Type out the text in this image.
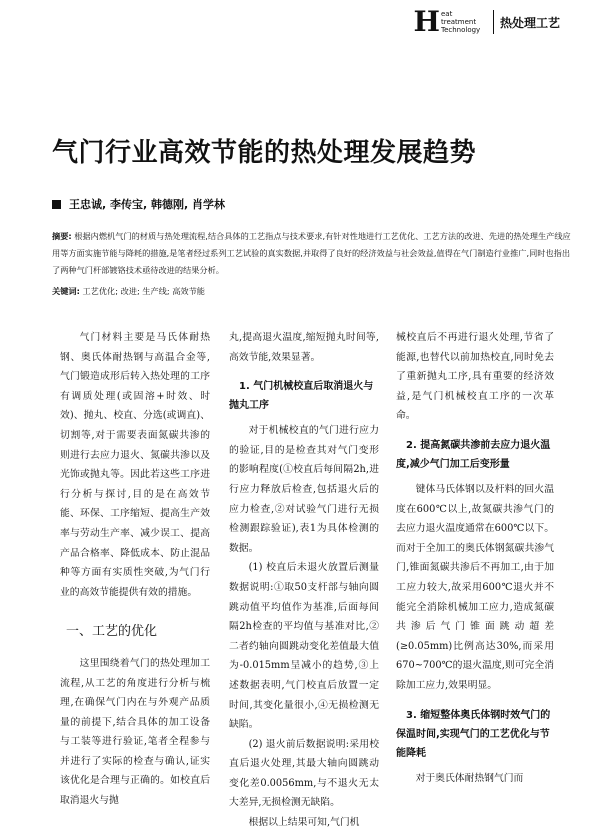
H eat treatment
Technology
热处理工艺
气门行业高效节能的热处理发展趋势
王忠诚, 李传宝, 韩德刚, 肖学林
摘要: 根据内燃机气门的材质与热处理流程,结合具体的工艺指点与技术要求,有针对性地进行工艺优化、工艺方法的改进、先进的热处理生产线应用等方面实施节能与降耗的措施,是笔者经过系列工艺试验的真实数据,并取得了良好的经济效益与社会效益,值得在气门制造行业推广,同时也指出了两种气门杆部镀铬技术亟待改进的结果分析。
关键词: 工艺优化; 改进; 生产线; 高效节能

气门材料主要是马氏体耐热钢、奥氏体耐热钢与高温合金等,气门锻造成形后转入热处理的工序有调质处理(或固溶+时效、时效)、抛丸、校直、分选(或调直)、切割等,对于需要表面氮碳共渗的则进行去应力退火、氮碳共渗以及光饰或抛丸等。因此若这些工序进行分析与探讨,目的是在高效节能、环保、工序缩短、提高生产效率与劳动生产率、减少误工、提高产品合格率、降低成本、防止混品种等方面有实质性突破,为气门行业的高效节能提供有效的措施。

一、工艺的优化

这里围绕着气门的热处理加工流程,从工艺的角度进行分析与梳理,在确保气门内在与外观产品质量的前提下,结合具体的加工设备与工装等进行验证,笔者全程参与并进行了实际的检查与确认,证实该优化是合理与正确的。如校直后取消退火与抛

丸,提高退火温度,缩短抛丸时间等,高效节能,效果显著。

1. 气门机械校直后取消退火与抛丸工序

对于机械校直的气门进行应力的验证,目的是检查其对气门变形的影响程度(①校直后每间隔2h,进行应力释放后检查,包括退火后的应力检查,②对试验气门进行无损检测跟踪验证),表1为具体检测的数据。

(1) 校直后未退火放置后测量数据说明:①取50支杆部与轴向圆跳动值平均值作为基准,后面每间隔2h检查的平均值与基准对比,②二者约轴向圆跳动变化差值最大值为-0.015mm呈减小的趋势,③上述数据表明,气门校直后放置一定时间,其变化量很小,④无损检测无缺陷。

(2) 退火前后数据说明:采用校直后退火处理,其最大轴向圆跳动变化差0.0056mm,与不退火无太大差异,无损检测无缺陷。

根据以上结果可知,气门机

械校直后不再进行退火处理,节省了能源,也替代以前加热校直,同时免去了重新抛丸工序,具有重要的经济效益,是气门机械校直工序的一次革命。

2. 提高氮碳共渗前去应力退火温度,减少气门加工后变形量

键体马氏体钢以及杆料的回火温度在600℃以上,故氮碳共渗气门的去应力退火温度通常在600℃以下。而对于全加工的奥氏体钢氮碳共渗气门,锥面氮碳共渗后不再加工,由于加工应力较大,故采用600℃退火并不能完全消除机械加工应力,造成氮碳共渗后气门锥面跳动超差(≥0.05mm)比例高达30%,而采用670~700℃的退火温度,则可完全消除加工应力,效果明显。

3. 缩短整体奥氏体钢时效气门的保温时间,实现气门的工艺优化与节能降耗

对于奥氏体耐热钢气门而
